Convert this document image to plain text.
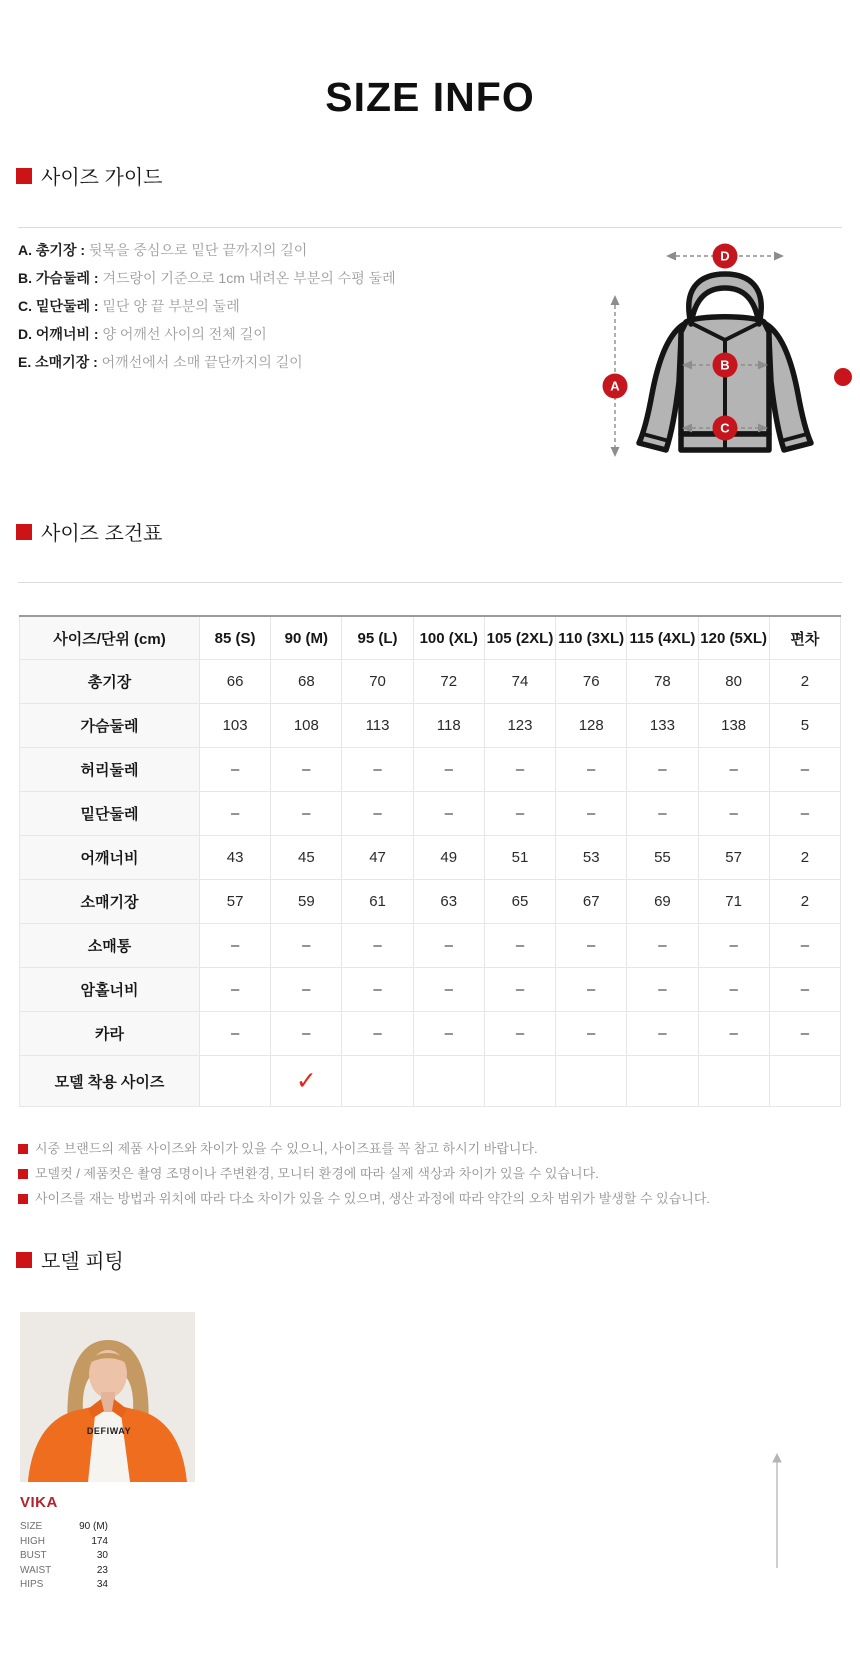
SIZE INFO
사이즈 가이드
A. 총기장 : 뒷목을 중심으로 밑단 끝까지의 길이
B. 가슴둘레 : 겨드랑이 기준으로 1cm 내려온 부분의 수평 둘레
C. 밑단둘레 : 밑단 양 끝 부분의 둘레
D. 어깨너비 : 양 어깨선 사이의 전체 길이
E. 소매기장 : 어깨선에서 소매 끝단까지의 길이
D
A
B
C
사이즈 조건표
사이즈/단위 (cm)	85 (S)	90 (M)	95 (L)	100 (XL)	105 (2XL)	110 (3XL)	115 (4XL)	120 (5XL)	편차
총기장	66	68	70	72	74	76	78	80	2
가슴둘레	103	108	113	118	123	128	133	138	5
허리둘레	–	–	–	–	–	–	–	–	–
밑단둘레	–	–	–	–	–	–	–	–	–
어깨너비	43	45	47	49	51	53	55	57	2
소매기장	57	59	61	63	65	67	69	71	2
소매통	–	–	–	–	–	–	–	–	–
암홀너비	–	–	–	–	–	–	–	–	–
카라	–	–	–	–	–	–	–	–	–
모델 착용 사이즈		✓							
시중 브랜드의 제품 사이즈와 차이가 있을 수 있으니, 사이즈표를 꼭 참고 하시기 바랍니다.
모델컷 / 제품컷은 촬영 조명이나 주변환경, 모니터 환경에 따라 실제 색상과 차이가 있을 수 있습니다.
사이즈를 재는 방법과 위치에 따라 다소 차이가 있을 수 있으며, 생산 과정에 따라 약간의 오차 범위가 발생할 수 있습니다.
모델 피팅
DEFIWAY
VIKA
SIZE	90 (M)
HIGH	174
BUST	30
WAIST	23
HIPS	34
